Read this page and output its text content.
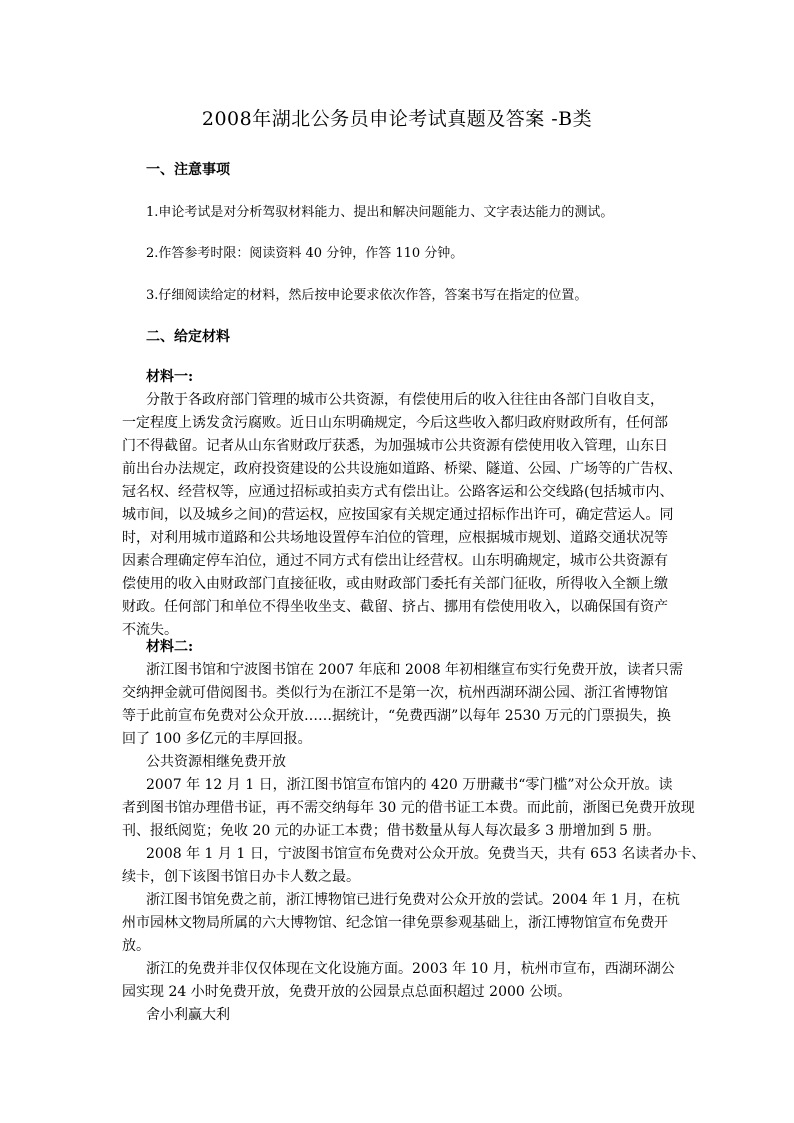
2008年湖北公务员申论考试真题及答案 -B类
一、注意事项
1.申论考试是对分析驾驭材料能力、提出和解决问题能力、文字表达能力的测试。
2.作答参考时限：阅读资料 40 分钟，作答 110 分钟。
3.仔细阅读给定的材料，然后按申论要求依次作答，答案书写在指定的位置。
二、给定材料
材料一:
分散于各政府部门管理的城市公共资源，有偿使用后的收入往往由各部门自收自支，
一定程度上诱发贪污腐败。近日山东明确规定，今后这些收入都归政府财政所有，任何部
门不得截留。记者从山东省财政厅获悉，为加强城市公共资源有偿使用收入管理，山东日
前出台办法规定，政府投资建设的公共设施如道路、桥梁、隧道、公园、广场等的广告权、
冠名权、经营权等，应通过招标或拍卖方式有偿出让。公路客运和公交线路(包括城市内、
城市间，以及城乡之间)的营运权，应按国家有关规定通过招标作出许可，确定营运人。同
时，对利用城市道路和公共场地设置停车泊位的管理，应根据城市规划、道路交通状况等
因素合理确定停车泊位，通过不同方式有偿出让经营权。山东明确规定，城市公共资源有
偿使用的收入由财政部门直接征收，或由财政部门委托有关部门征收，所得收入全额上缴
财政。任何部门和单位不得坐收坐支、截留、挤占、挪用有偿使用收入，以确保国有资产
不流失。
材料二:
浙江图书馆和宁波图书馆在 2007 年底和 2008 年初相继宣布实行免费开放，读者只需
交纳押金就可借阅图书。类似行为在浙江不是第一次，杭州西湖环湖公园、浙江省博物馆
等于此前宣布免费对公众开放……据统计，“免费西湖”以每年 2530 万元的门票损失，换
回了 100 多亿元的丰厚回报。
公共资源相继免费开放
2007 年 12 月 1 日，浙江图书馆宣布馆内的 420 万册藏书“零门槛”对公众开放。读
者到图书馆办理借书证，再不需交纳每年 30 元的借书证工本费。而此前，浙图已免费开放现
刊、报纸阅览；免收 20 元的办证工本费；借书数量从每人每次最多 3 册增加到 5 册。
2008 年 1 月 1 日，宁波图书馆宣布免费对公众开放。免费当天，共有 653 名读者办卡、
续卡，创下该图书馆日办卡人数之最。
浙江图书馆免费之前，浙江博物馆已进行免费对公众开放的尝试。2004 年 1 月，在杭
州市园林文物局所属的六大博物馆、纪念馆一律免票参观基础上，浙江博物馆宣布免费开
放。
浙江的免费并非仅仅体现在文化设施方面。2003 年 10 月，杭州市宣布，西湖环湖公
园实现 24 小时免费开放，免费开放的公园景点总面积超过 2000 公顷。
舍小利赢大利
